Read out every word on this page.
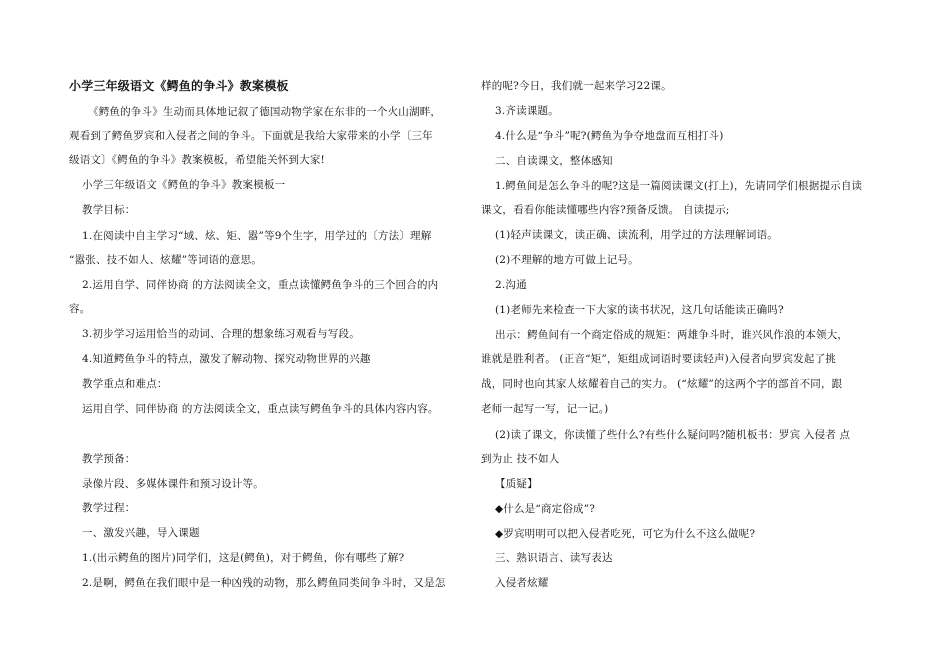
小学三年级语文《鳄鱼的争斗》教案模板
《鳄鱼的争斗》生动而具体地记叙了德国动物学家在东非的一个火山湖畔，
观看到了鳄鱼罗宾和入侵者之间的争斗。下面就是我给大家带来的小学〔三年
级语文〕《鳄鱼的争斗》教案模板，希望能关怀到大家!
小学三年级语文《鳄鱼的争斗》教案模板一
教学目标：
1.在阅读中自主学习“域、炫、矩、嚣”等9个生字，用学过的〔方法〕理解
“嚣张、技不如人、炫耀”等词语的意思。
2.运用自学、同伴协商 的方法阅读全文，重点读懂鳄鱼争斗的三个回合的内
容。
3.初步学习运用恰当的动词、合理的想象练习观看与写段。
4.知道鳄鱼争斗的特点，激发了解动物、探究动物世界的兴趣
教学重点和难点：
运用自学、同伴协商 的方法阅读全文，重点读写鳄鱼争斗的具体内容内容。
教学预备：
录像片段、多媒体课件和预习设计等。
教学过程：
一、激发兴趣，导入课题
1.(出示鳄鱼的图片)同学们，这是(鳄鱼)，对于鳄鱼，你有哪些了解?
2.是啊，鳄鱼在我们眼中是一种凶残的动物，那么鳄鱼同类间争斗时，又是怎
样的呢?今日，我们就一起来学习22课。
3.齐读课题。
4.什么是“争斗”呢?(鳄鱼为争夺地盘而互相打斗)
二、自读课文，整体感知
1.鳄鱼间是怎么争斗的呢?这是一篇阅读课文(打上)，先请同学们根据提示自读
课文，看看你能读懂哪些内容?预备反馈。 自读提示;
(1)轻声读课文，读正确、读流利，用学过的方法理解词语。
(2)不理解的地方可做上记号。
2.沟通
(1)老师先来检查一下大家的读书状况，这几句话能读正确吗?
出示：鳄鱼间有一个商定俗成的规矩：两雄争斗时，谁兴风作浪的本领大，
谁就是胜利者。 (正音“矩”，矩组成词语时要读轻声)入侵者向罗宾发起了挑
战，同时也向其家人炫耀着自己的实力。 (“炫耀”的这两个字的部首不同，跟
老师一起写一写，记一记。)
(2)读了课文，你读懂了些什么?有些什么疑问吗?随机板书：罗宾 入侵者 点
到为止 技不如人
【质疑】
◆什么是“商定俗成”?
◆罗宾明明可以把入侵者吃死，可它为什么不这么做呢?
三、熟识语言、读写表达
入侵者炫耀
